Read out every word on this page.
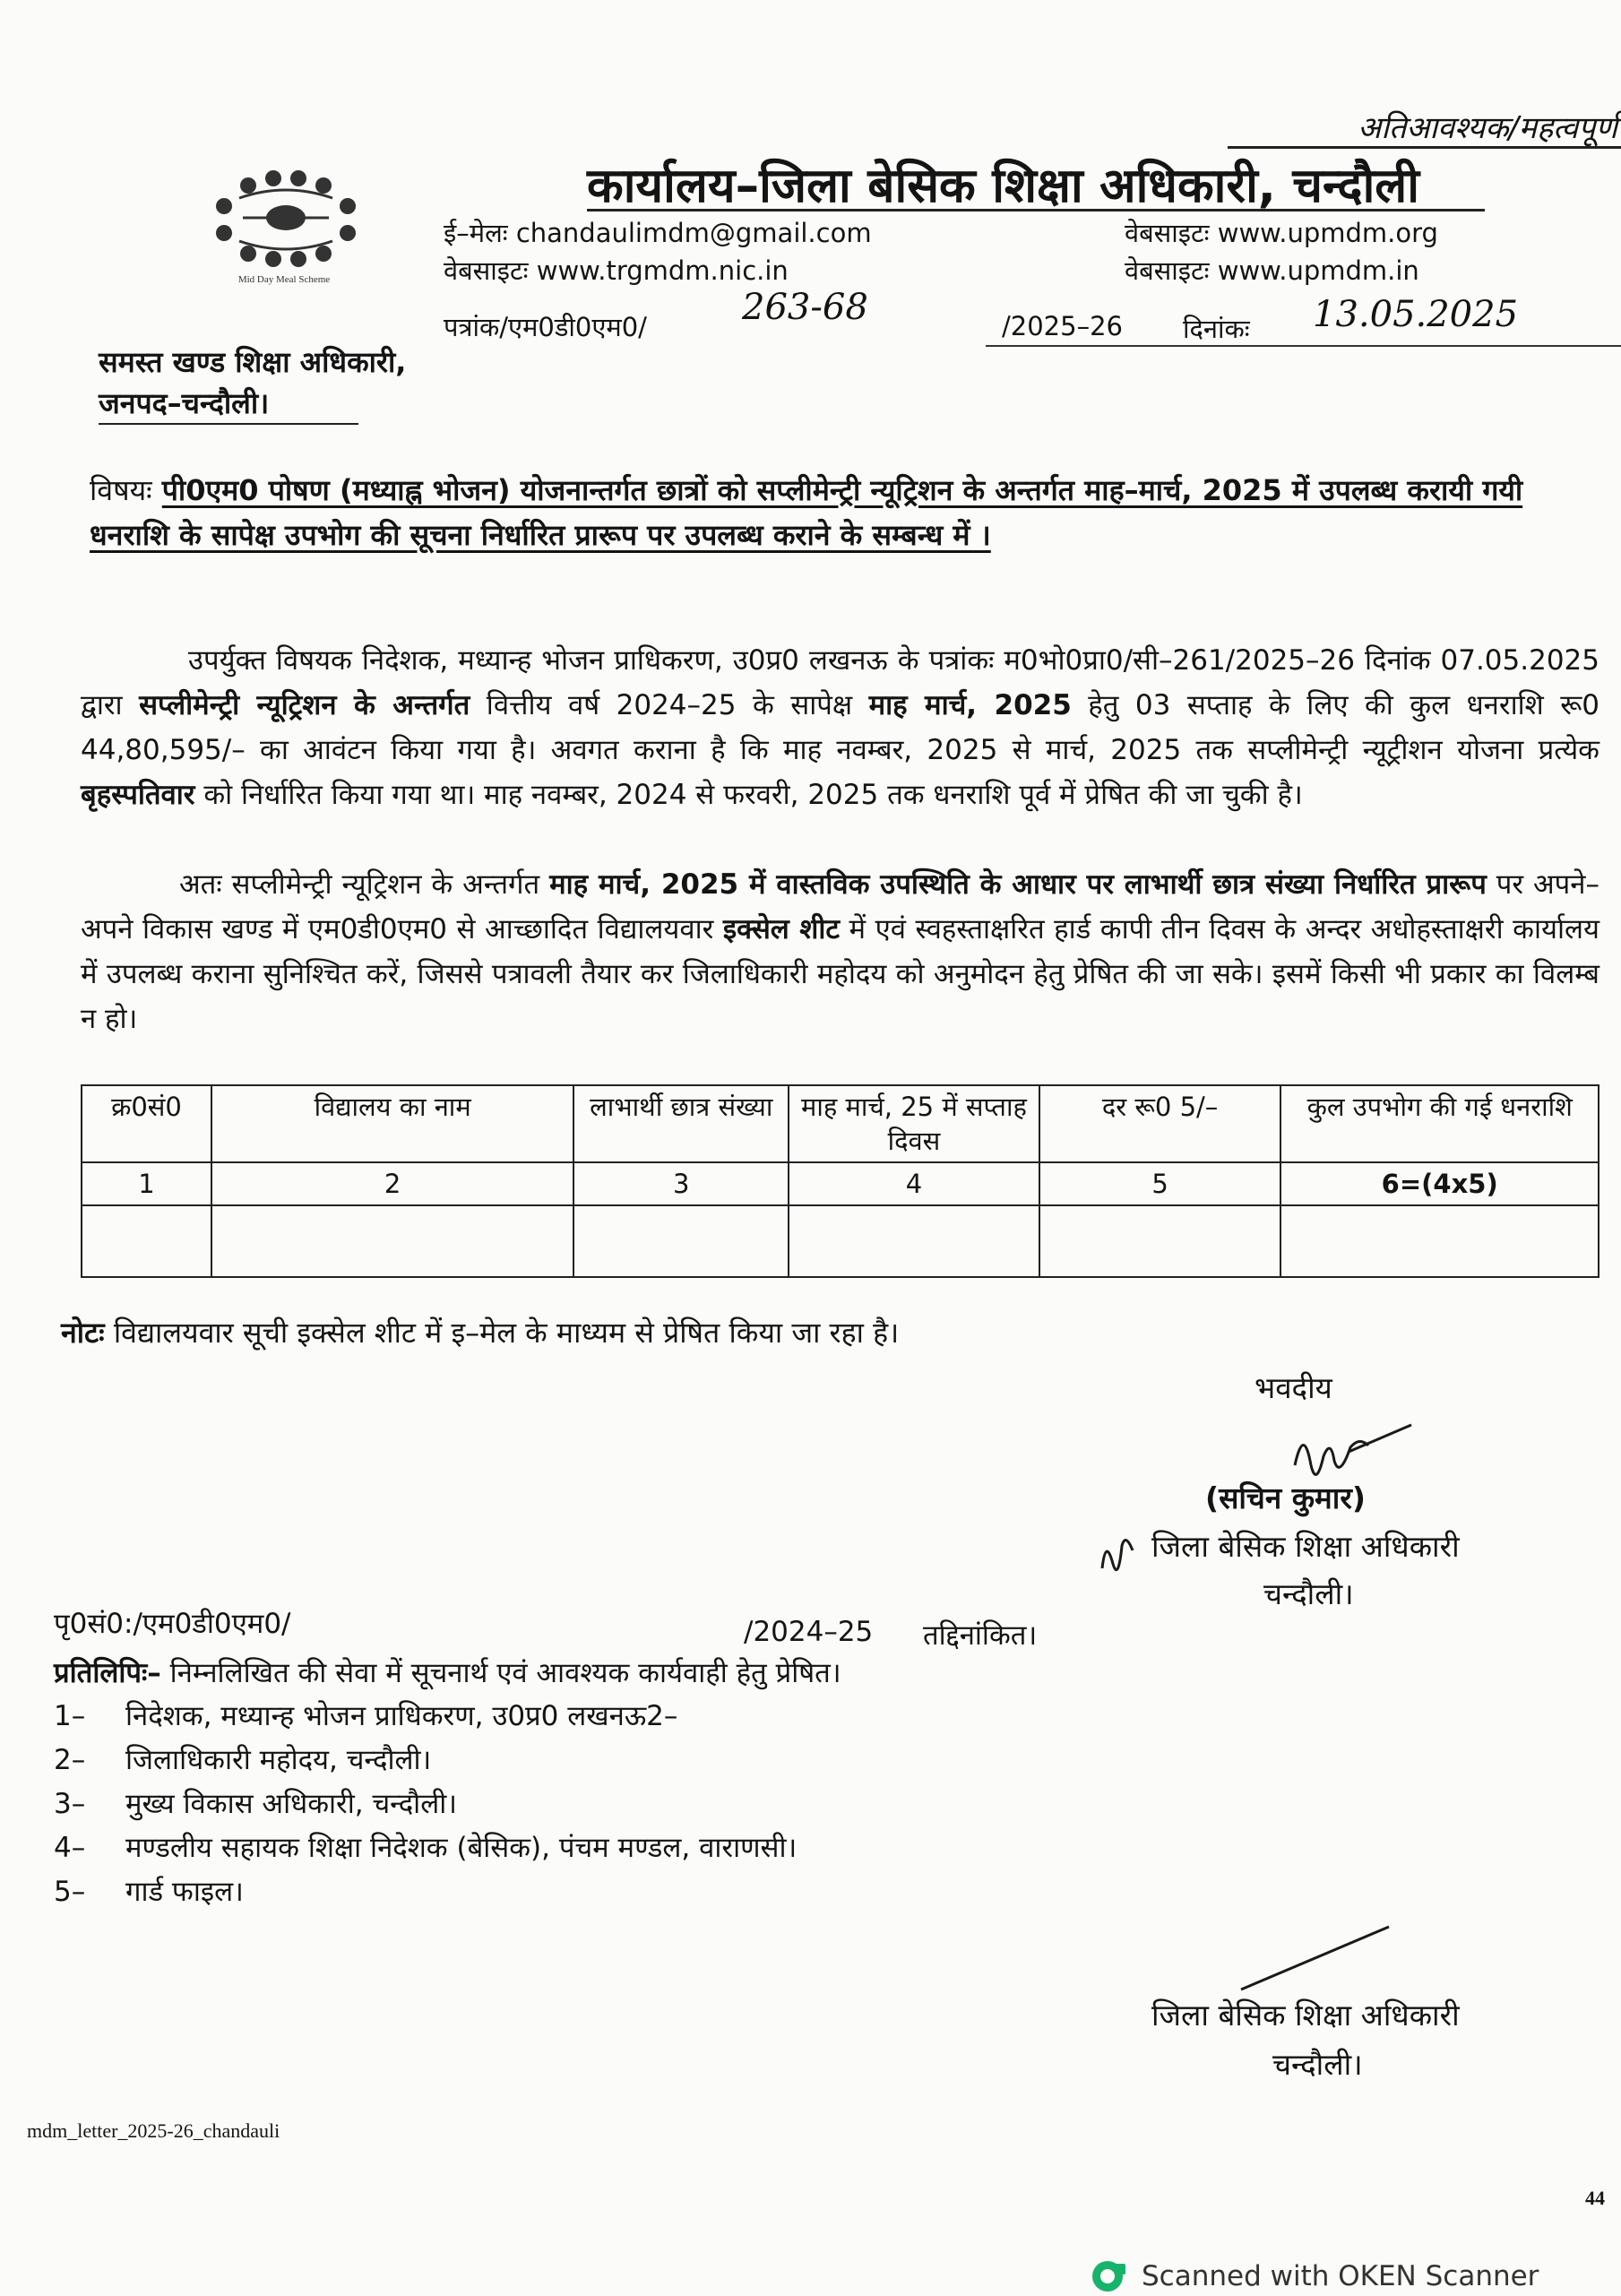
अतिआवश्यक/महत्वपूर्ण
Mid Day Meal Scheme
कार्यालय–जिला बेसिक शिक्षा अधिकारी, चन्दौली
ई–मेलः chandaulimdm@gmail.com
वेबसाइटः www.trgmdm.nic.in
वेबसाइटः www.upmdm.org
वेबसाइटः www.upmdm.in
पत्रांक/एम0डी0एम0/	263-68	/2025–26 दिनांकः 13.05.2025
समस्त खण्ड शिक्षा अधिकारी,
जनपद–चन्दौली।
विषयः पी0एम0 पोषण (मध्याह्न भोजन) योजनान्तर्गत छात्रों को सप्लीमेन्ट्री न्यूट्रिशन के अन्तर्गत माह–मार्च, 2025 में उपलब्ध करायी गयी धनराशि के सापेक्ष उपभोग की सूचना निर्धारित प्रारूप पर उपलब्ध कराने के सम्बन्ध में ।
उपर्युक्त विषयक निदेशक, मध्यान्ह भोजन प्राधिकरण, उ0प्र0 लखनऊ के पत्रांकः म0भो0प्रा0/सी–261/2025–26 दिनांक 07.05.2025 द्वारा सप्लीमेन्ट्री न्यूट्रिशन के अन्तर्गत वित्तीय वर्ष 2024–25 के सापेक्ष माह मार्च, 2025 हेतु 03 सप्ताह के लिए की कुल धनराशि रू0 44,80,595/– का आवंटन किया गया है। अवगत कराना है कि माह नवम्बर, 2025 से मार्च, 2025 तक सप्लीमेन्ट्री न्यूट्रीशन योजना प्रत्येक बृहस्पतिवार को निर्धारित किया गया था। माह नवम्बर, 2024 से फरवरी, 2025 तक धनराशि पूर्व में प्रेषित की जा चुकी है।
अतः सप्लीमेन्ट्री न्यूट्रिशन के अन्तर्गत माह मार्च, 2025 में वास्तविक उपस्थिति के आधार पर लाभार्थी छात्र संख्या निर्धारित प्रारूप पर अपने–अपने विकास खण्ड में एम0डी0एम0 से आच्छादित विद्यालयवार इक्सेल शीट में एवं स्वहस्ताक्षरित हार्ड कापी तीन दिवस के अन्दर अधोहस्ताक्षरी कार्यालय में उपलब्ध कराना सुनिश्चित करें, जिससे पत्रावली तैयार कर जिलाधिकारी महोदय को अनुमोदन हेतु प्रेषित की जा सके। इसमें किसी भी प्रकार का विलम्ब न हो।
क्र0सं0	विद्यालय का नाम	लाभार्थी छात्र संख्या	माह मार्च, 25 में सप्ताह दिवस	दर रू0 5/–	कुल उपभोग की गई धनराशि
1	2	3	4	5	6=(4x5)

नोटः विद्यालयवार सूची इक्सेल शीट में इ–मेल के माध्यम से प्रेषित किया जा रहा है।
भवदीय
(सचिन कुमार)
जिला बेसिक शिक्षा अधिकारी
चन्दौली।
पृ0सं0:/एम0डी0एम0/	/2024–25 तद्दिनांकित।
प्रतिलिपिः– निम्नलिखित की सेवा में सूचनार्थ एवं आवश्यक कार्यवाही हेतु प्रेषित।
1– निदेशक, मध्यान्ह भोजन प्राधिकरण, उ0प्र0 लखनऊ2–
2– जिलाधिकारी महोदय, चन्दौली।
3– मुख्य विकास अधिकारी, चन्दौली।
4– मण्डलीय सहायक शिक्षा निदेशक (बेसिक), पंचम मण्डल, वाराणसी।
5– गार्ड फाइल।
जिला बेसिक शिक्षा अधिकारी
चन्दौली।
mdm_letter_2025-26_chandauli
44
Scanned with OKEN Scanner
